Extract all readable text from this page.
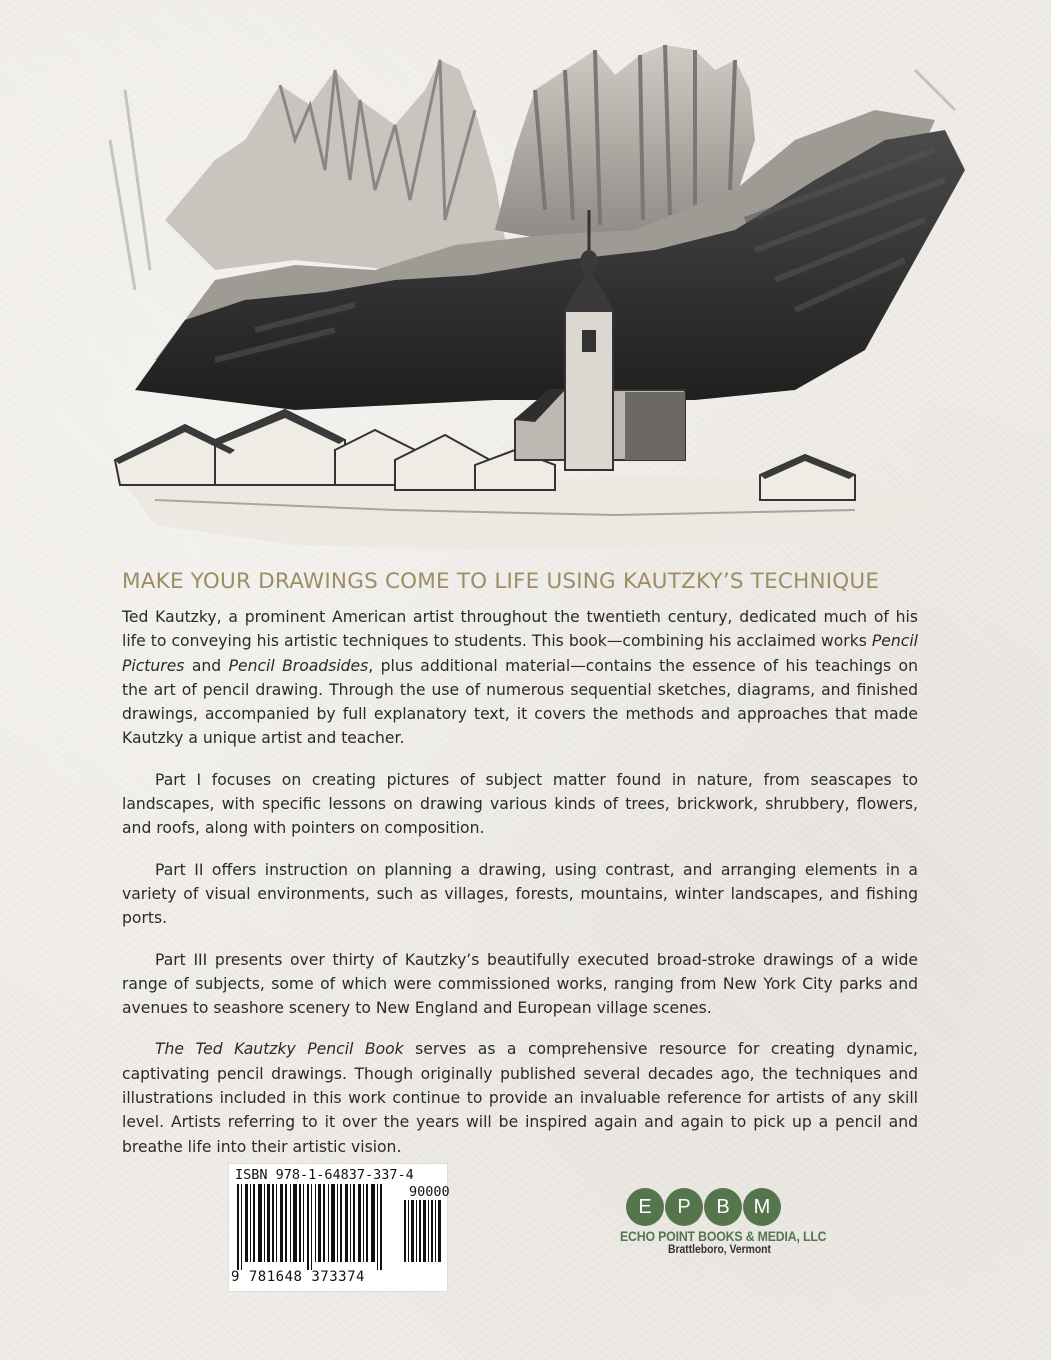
MAKE YOUR DRAWINGS COME TO LIFE USING KAUTZKY’S TECHNIQUE

Ted Kautzky, a prominent American artist throughout the twentieth century, dedicated much of his life to conveying his artistic techniques to students. This book—combining his acclaimed works Pencil Pictures and Pencil Broadsides, plus additional material—contains the essence of his teachings on the art of pencil drawing. Through the use of numerous sequential sketches, diagrams, and finished drawings, accompanied by full explanatory text, it covers the methods and approaches that made Kautzky a unique artist and teacher.

Part I focuses on creating pictures of subject matter found in nature, from seascapes to landscapes, with specific lessons on drawing various kinds of trees, brickwork, shrubbery, flowers, and roofs, along with pointers on composition.

Part II offers instruction on planning a drawing, using contrast, and arranging elements in a variety of visual environments, such as villages, forests, mountains, winter landscapes, and fishing ports.

Part III presents over thirty of Kautzky’s beautifully executed broad-stroke drawings of a wide range of subjects, some of which were commissioned works, ranging from New York City parks and avenues to seashore scenery to New England and European village scenes.

The Ted Kautzky Pencil Book serves as a comprehensive resource for creating dynamic, captivating pencil drawings. Though originally published several decades ago, the techniques and illustrations included in this work continue to provide an invaluable reference for artists of any skill level. Artists referring to it over the years will be inspired again and again to pick up a pencil and breathe life into their artistic vision.

ISBN 978-1-64837-337-4
90000
9 781648 373374
E	P	B	M
ECHO POINT BOOKS & MEDIA, LLC
Brattleboro, Vermont
